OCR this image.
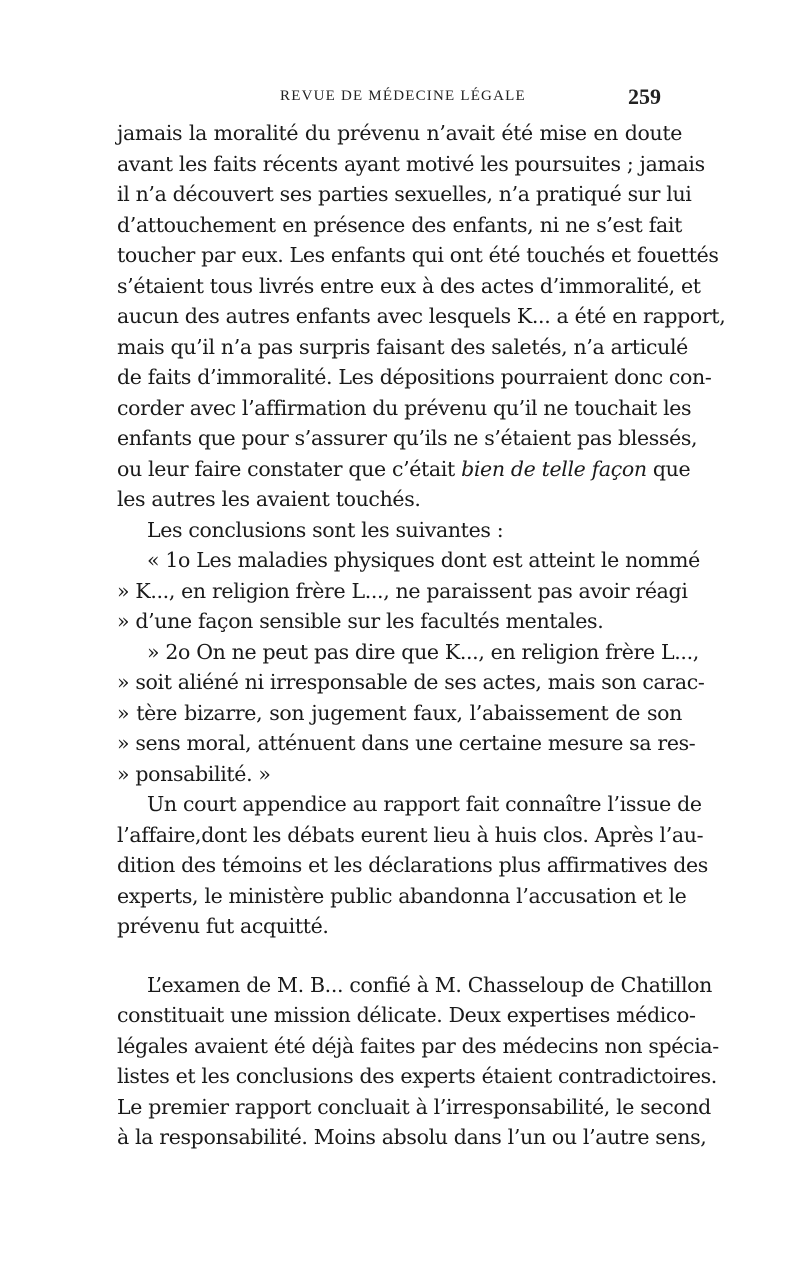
REVUE DE MÉDECINE LÉGALE	259
jamais la moralité du prévenu n’avait été mise en doute
avant les faits récents ayant motivé les poursuites ; jamais
il n’a découvert ses parties sexuelles, n’a pratiqué sur lui
d’attouchement en présence des enfants, ni ne s’est fait
toucher par eux. Les enfants qui ont été touchés et fouettés
s’étaient tous livrés entre eux à des actes d’immoralité, et
aucun des autres enfants avec lesquels K... a été en rapport,
mais qu’il n’a pas surpris faisant des saletés, n’a articulé
de faits d’immoralité. Les dépositions pourraient donc con-
corder avec l’affirmation du prévenu qu’il ne touchait les
enfants que pour s’assurer qu’ils ne s’étaient pas blessés,
ou leur faire constater que c’était bien de telle façon que
les autres les avaient touchés.
Les conclusions sont les suivantes :
« 1o Les maladies physiques dont est atteint le nommé
» K..., en religion frère L..., ne paraissent pas avoir réagi
» d’une façon sensible sur les facultés mentales.
» 2o On ne peut pas dire que K..., en religion frère L...,
» soit aliéné ni irresponsable de ses actes, mais son carac-
» tère bizarre, son jugement faux, l’abaissement de son
» sens moral, atténuent dans une certaine mesure sa res-
» ponsabilité. »
Un court appendice au rapport fait connaître l’issue de
l’affaire,dont les débats eurent lieu à huis clos. Après l’au-
dition des témoins et les déclarations plus affirmatives des
experts, le ministère public abandonna l’accusation et le
prévenu fut acquitté.
L’examen de M. B... confié à M. Chasseloup de Chatillon
constituait une mission délicate. Deux expertises médico-
légales avaient été déjà faites par des médecins non spécia-
listes et les conclusions des experts étaient contradictoires.
Le premier rapport concluait à l’irresponsabilité, le second
à la responsabilité. Moins absolu dans l’un ou l’autre sens,
